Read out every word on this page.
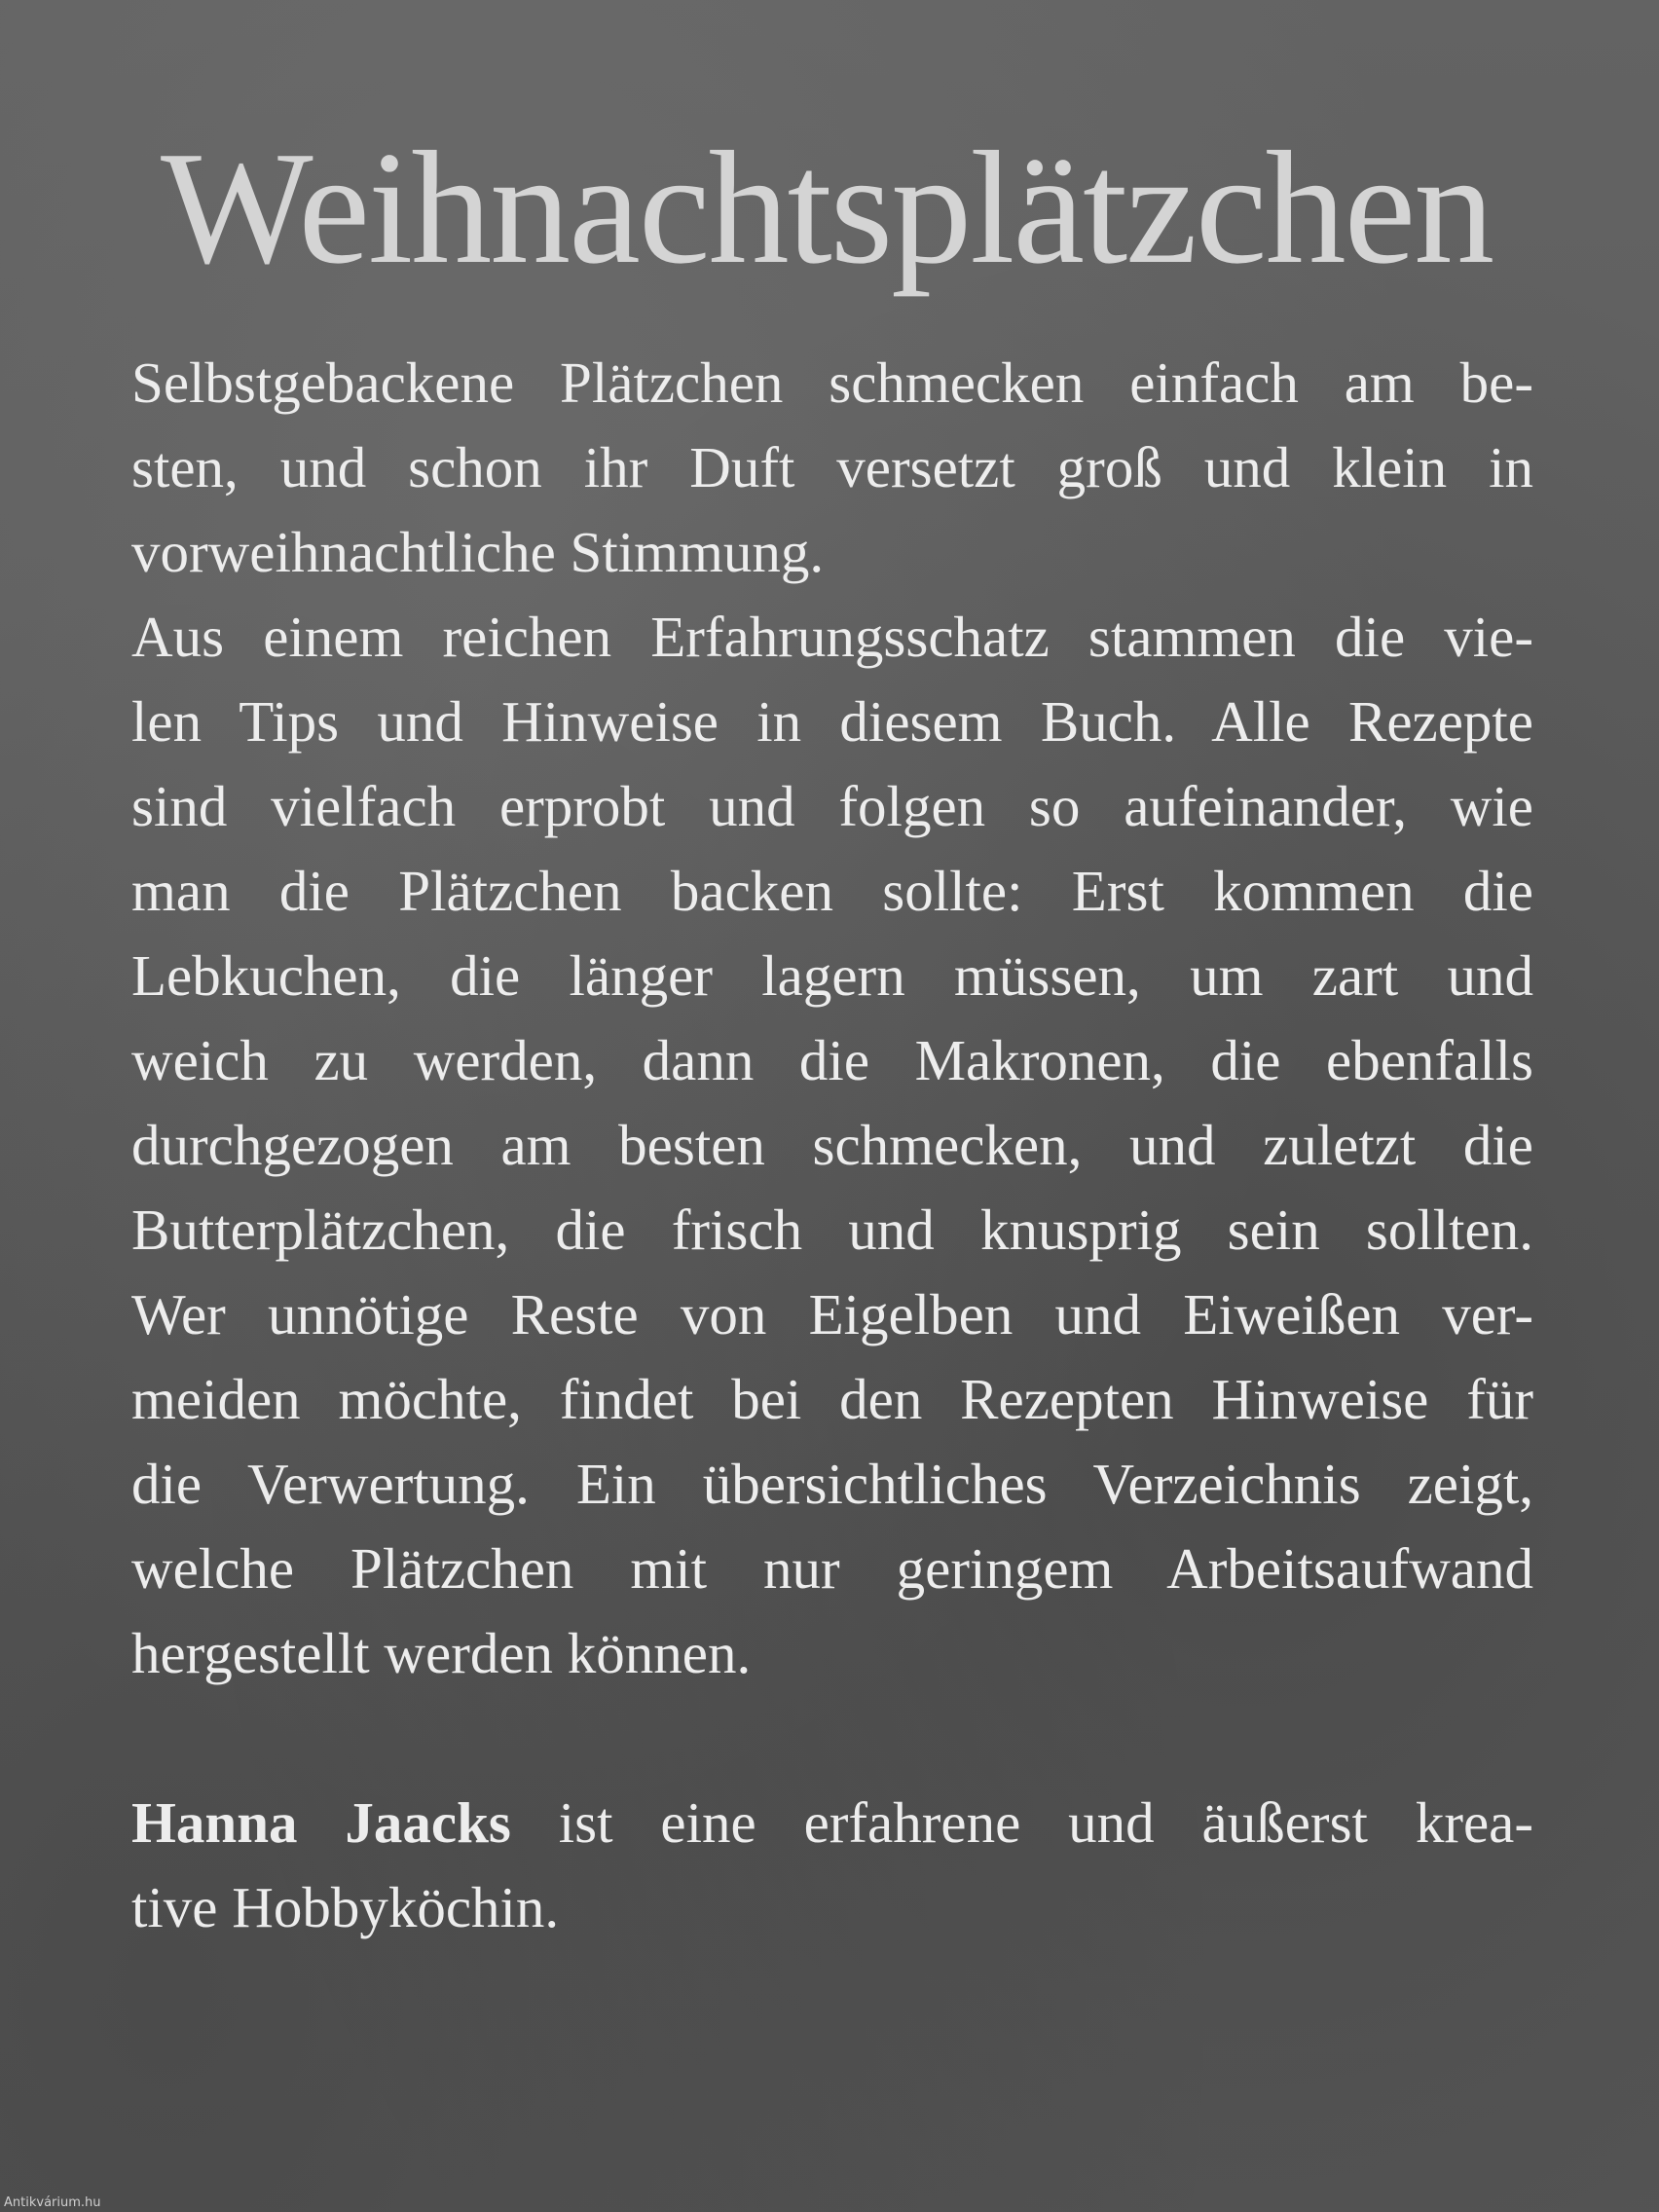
Weihnachtsplätzchen
Selbstgebackene Plätzchen schmecken einfach am be-
sten, und schon ihr Duft versetzt groß und klein in
vorweihnachtliche Stimmung.
Aus einem reichen Erfahrungsschatz stammen die vie-
len Tips und Hinweise in diesem Buch. Alle Rezepte
sind vielfach erprobt und folgen so aufeinander, wie
man die Plätzchen backen sollte: Erst kommen die
Lebkuchen, die länger lagern müssen, um zart und
weich zu werden, dann die Makronen, die ebenfalls
durchgezogen am besten schmecken, und zuletzt die
Butterplätzchen, die frisch und knusprig sein sollten.
Wer unnötige Reste von Eigelben und Eiweißen ver-
meiden möchte, findet bei den Rezepten Hinweise für
die Verwertung. Ein übersichtliches Verzeichnis zeigt,
welche Plätzchen mit nur geringem Arbeitsaufwand
hergestellt werden können.
Hanna Jaacks ist eine erfahrene und äußerst krea-
tive Hobbyköchin.
Antikvárium.hu
